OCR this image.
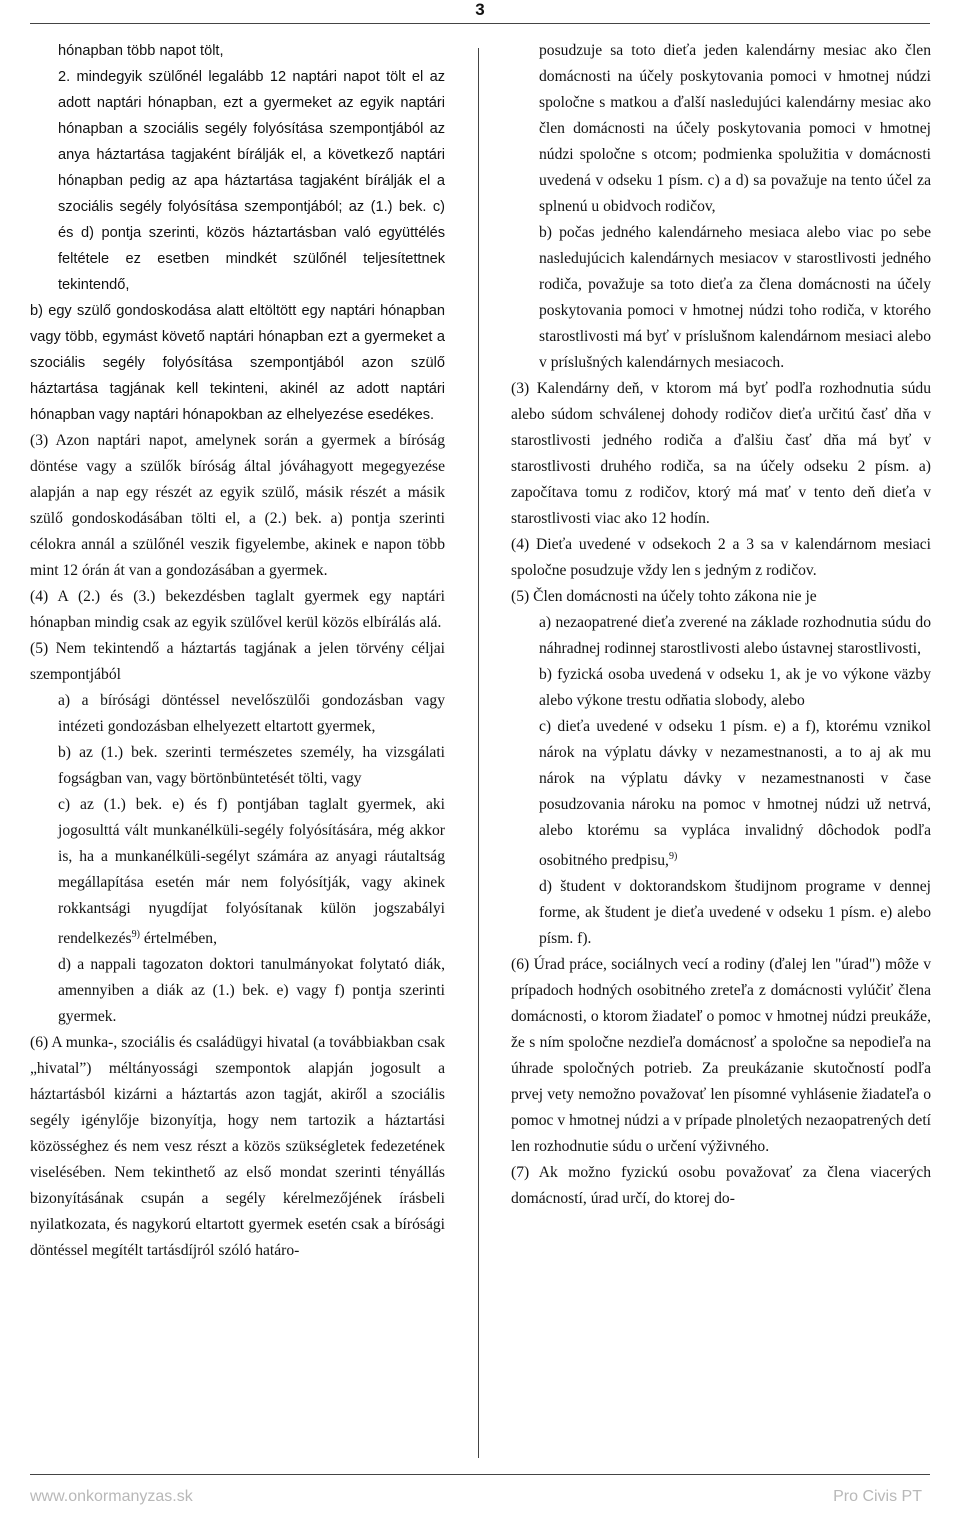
3

hónapban több napot tölt,

2. mindegyik szülőnél legalább 12 naptári napot tölt el az adott naptári hónapban, ezt a gyermeket az egyik naptári hónapban a szociális segély folyósítása szempontjából az anya háztartása tagjaként bírálják el, a következő naptári hónapban pedig az apa háztartása tagjaként bírálják el a szociális segély folyósítása szempontjából; az (1.) bek. c) és d) pontja szerinti, közös háztartásban való együttélés feltétele ez esetben mindkét szülőnél teljesítettnek tekintendő,

b) egy szülő gondoskodása alatt eltöltött egy naptári hónapban vagy több, egymást követő naptári hónapban ezt a gyermeket a szociális segély folyósítása szempontjából azon szülő háztartása tagjának kell tekinteni, akinél az adott naptári hónapban vagy naptári hónapokban az elhelyezése esedékes.

(3) Azon naptári napot, amelynek során a gyermek a bíróság döntése vagy a szülők bíróság által jóváhagyott megegyezése alapján a nap egy részét az egyik szülő, másik részét a másik szülő gondoskodásában tölti el, a (2.) bek. a) pontja szerinti célokra annál a szülőnél veszik figyelembe, akinek e napon több mint 12 órán át van a gondozásában a gyermek.

(4) A (2.) és (3.) bekezdésben taglalt gyermek egy naptári hónapban mindig csak az egyik szülővel kerül közös elbírálás alá.

(5) Nem tekintendő a háztartás tagjának a jelen törvény céljai szempontjából

a) a bírósági döntéssel nevelőszülői gondozásban vagy intézeti gondozásban elhelyezett eltartott gyermek,

b) az (1.) bek. szerinti természetes személy, ha vizsgálati fogságban van, vagy börtönbüntetését tölti, vagy

c) az (1.) bek. e) és f) pontjában taglalt gyermek, aki jogosulttá vált munkanélküli-segély folyósítására, még akkor is, ha a munkanélküli-segélyt számára az anyagi ráutaltság megállapítása esetén már nem folyósítják, vagy akinek rokkantsági nyugdíjat folyósítanak külön jogszabályi rendelkezés$^{9)}$ értelmében,

d) a nappali tagozaton doktori tanulmányokat folytató diák, amennyiben a diák az (1.) bek. e) vagy f) pontja szerinti gyermek.

(6) A munka-, szociális és családügyi hivatal (a továbbiakban csak „hivatal”) méltányossági szempontok alapján jogosult a háztartásból kizárni a háztartás azon tagját, akiről a szociális segély igénylője bizonyítja, hogy nem tartozik a háztartási közösséghez és nem vesz részt a közös szükségletek fedezetének viselésében. Nem tekinthető az első mondat szerinti tényállás bizonyításának csupán a segély kérelmezőjének írásbeli nyilatkozata, és nagykorú eltartott gyermek esetén csak a bírósági döntéssel megítélt tartásdíjról szóló határo-

posudzuje sa toto dieťa jeden kalendárny mesiac ako člen domácnosti na účely poskytovania pomoci v hmotnej núdzi spoločne s matkou a ďalší nasledujúci kalendárny mesiac ako člen domácnosti na účely poskytovania pomoci v hmotnej núdzi spoločne s otcom; podmienka spolužitia v domácnosti uvedená v odseku 1 písm. c) a d) sa považuje na tento účel za splnenú u obidvoch rodičov,

b) počas jedného kalendárneho mesiaca alebo viac po sebe nasledujúcich kalendárnych mesiacov v starostlivosti jedného rodiča, považuje sa toto dieťa za člena domácnosti na účely poskytovania pomoci v hmotnej núdzi toho rodiča, v ktorého starostlivosti má byť v príslušnom kalendárnom mesiaci alebo v príslušných kalendárnych mesiacoch.

(3) Kalendárny deň, v ktorom má byť podľa rozhodnutia súdu alebo súdom schválenej dohody rodičov dieťa určitú časť dňa v starostlivosti jedného rodiča a ďalšiu časť dňa má byť v starostlivosti druhého rodiča, sa na účely odseku 2 písm. a) započítava tomu z rodičov, ktorý má mať v tento deň dieťa v starostlivosti viac ako 12 hodín.

(4) Dieťa uvedené v odsekoch 2 a 3 sa v kalendárnom mesiaci spoločne posudzuje vždy len s jedným z rodičov.

(5) Člen domácnosti na účely tohto zákona nie je

a) nezaopatrené dieťa zverené na základe rozhodnutia súdu do náhradnej rodinnej starostlivosti alebo ústavnej starostlivosti,

b) fyzická osoba uvedená v odseku 1, ak je vo výkone väzby alebo výkone trestu odňatia slobody, alebo

c) dieťa uvedené v odseku 1 písm. e) a f), ktorému vznikol nárok na výplatu dávky v nezamestnanosti, a to aj ak mu nárok na výplatu dávky v nezamestnanosti v čase posudzovania nároku na pomoc v hmotnej núdzi už netrvá, alebo ktorému sa vypláca invalidný dôchodok podľa osobitného predpisu,$^{9)}$

d) študent v doktorandskom študijnom programe v dennej forme, ak študent je dieťa uvedené v odseku 1 písm. e) alebo písm. f).

(6) Úrad práce, sociálnych vecí a rodiny (ďalej len "úrad") môže v prípadoch hodných osobitného zreteľa z domácnosti vylúčiť člena domácnosti, o ktorom žiadateľ o pomoc v hmotnej núdzi preukáže, že s ním spoločne nezdieľa domácnosť a spoločne sa nepodieľa na úhrade spoločných potrieb. Za preukázanie skutočností podľa prvej vety nemožno považovať len písomné vyhlásenie žiadateľa o pomoc v hmotnej núdzi a v prípade plnoletých nezaopatrených detí len rozhodnutie súdu o určení výživného.

(7) Ak možno fyzickú osobu považovať za člena viacerých domácností, úrad určí, do ktorej do-

www.onkormanyzas.sk	Pro Civis PT
